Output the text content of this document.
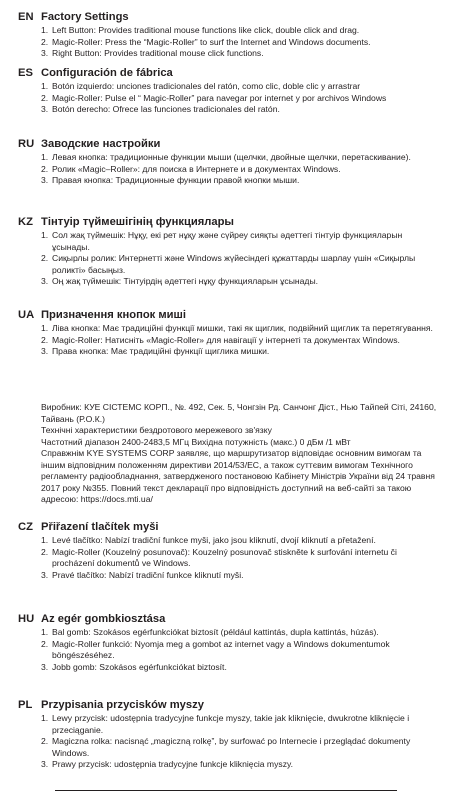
EN Factory Settings

1. Left Button: Provides traditional mouse functions like click, double click and drag.

2. Magic-Roller: Press the “Magic-Roller” to surf the Internet and Windows documents.

3. Right Button: Provides traditional mouse click functions.

ES Configuración de fábrica

1. Botón izquierdo: unciones tradicionales del ratón, como clic, doble clic y arrastrar

2. Magic-Roller: Pulse el “ Magic-Roller” para navegar por internet y por archivos Windows

3. Botón derecho: Ofrece las funciones tradicionales del ratón.

RU Заводские настройки

1. Левая кнопка: традиционные функции мыши (щелчки, двойные щелчки, перетаскивание).

2. Ролик «Magic–Roller»: для поиска в Интернете и в документах Windows.

3. Правая кнопка: Традиционные функции правой кнопки мыши.

KZ Тінтуір түймешігінің функциялары

1. Сол жақ түймешік: Нұқу, екі рет нұқу және сүйреу сияқты әдеттегі тінтуір функцияларын ұсынады.

2. Сиқырлы ролик: Интернетті және Windows жүйесіндегі құжаттарды шарлау үшін «Сиқырлы роликті» басыңыз.

3. Оң жақ түймешік: Тінтуірдің әдеттегі нұқу функцияларын ұсынады.

UA Призначення кнопок миші

1. Ліва кнопка: Має традиційні функції мишки, такі як щиглик, подвійний щиглик та перетягування.

2. Magic-Roller: Натисніть «Magic-Roller» для навігації у інтернеті та документах Windows.

3. Права кнопка: Має традиційні функції щиглика мишки.

Виробник: КУЕ СІСТЕМС КОРП., №. 492, Сек. 5, Чонгзін Рд. Санчонг Діст., Нью Тайпей Сіті, 24160, Тайвань (Р.О.К.)

Технічні характеристики бездротового мережевого зв'язку

Частотний діапазон 2400-2483,5 МГц Вихідна потужність (макс.) 0 дБм /1 мВт

Справжнім KYE SYSTEMS CORP заявляє, що маршрутизатор відповідає основним вимогам та іншим відповідним положенням директиви 2014/53/ЕС, а також суттєвим вимогам Технічного регламенту радіообладнання, затвердженого постановою Кабінету Міністрів України від 24 травня 2017 року №355. Повний текст декларації про відповідність доступний на веб-сайті за такою адресою: https://docs.mti.ua/

CZ Přiřazení tlačítek myši

1. Levé tlačítko: Nabízí tradiční funkce myši, jako jsou kliknutí, dvojí kliknutí a přetažení.

2. Magic-Roller (Kouzelný posunovač): Kouzelný posunovač stiskněte k surfování internetu či procházení dokumentů ve Windows.

3. Pravé tlačítko: Nabízí tradiční funkce kliknutí myši.

HU Az egér gombkiosztása

1. Bal gomb: Szokásos egérfunkciókat biztosít (például kattintás, dupla kattintás, húzás).

2. Magic-Roller funkció: Nyomja meg a gombot az internet vagy a Windows dokumentumok böngészéséhez.

3. Jobb gomb: Szokásos egérfunkciókat biztosít.

PL Przypisania przycisków myszy

1. Lewy przycisk: udostępnia tradycyjne funkcje myszy, takie jak kliknięcie, dwukrotne kliknięcie i przeciąganie.

2. Magiczna rolka: nacisnąć „magiczną rolkę”, by surfować po Internecie i przeglądać dokumenty Windows.

3. Prawy przycisk: udostępnia tradycyjne funkcje kliknięcia myszy.
